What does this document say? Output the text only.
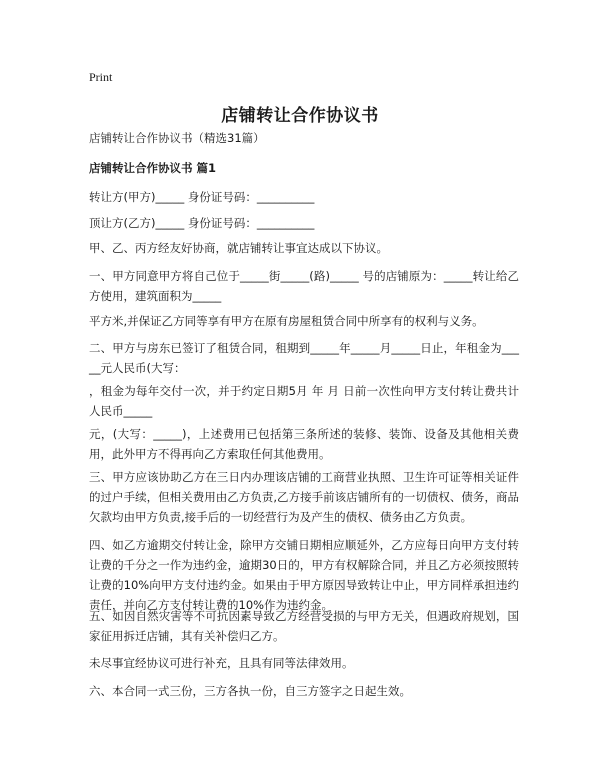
Print
店铺转让合作协议书

店铺转让合作协议书（精选31篇）

店铺转让合作协议书 篇1

转让方(甲方)_____ 身份证号码：__________

顶让方(乙方)_____ 身份证号码：__________

甲、乙、丙方经友好协商，就店铺转让事宜达成以下协议。

一、甲方同意甲方将自己位于_____街_____(路)_____ 号的店铺原为：_____转让给乙方使用，建筑面积为_____

平方米,并保证乙方同等享有甲方在原有房屋租赁合同中所享有的权利与义务。

二、甲方与房东已签订了租赁合同，租期到_____年_____月_____日止，年租金为_____元人民币(大写：

，租金为每年交付一次，并于约定日期5月 年 月 日前一次性向甲方支付转让费共计人民币_____

元，(大写：_____)，上述费用已包括第三条所述的装修、装饰、设备及其他相关费用，此外甲方不得再向乙方索取任何其他费用。

三、甲方应该协助乙方在三日内办理该店铺的工商营业执照、卫生许可证等相关证件的过户手续，但相关费用由乙方负责,乙方接手前该店铺所有的一切债权、债务，商品欠款均由甲方负责,接手后的一切经营行为及产生的债权、债务由乙方负责。

四、如乙方逾期交付转让金，除甲方交铺日期相应顺延外，乙方应每日向甲方支付转让费的千分之一作为违约金，逾期30日的，甲方有权解除合同，并且乙方必须按照转让费的10%向甲方支付违约金。如果由于甲方原因导致转让中止，甲方同样承担违约责任，并向乙方支付转让费的10%作为违约金。

五、如因自然灾害等不可抗因素导致乙方经营受损的与甲方无关，但遇政府规划，国家征用拆迁店铺，其有关补偿归乙方。

未尽事宜经协议可进行补充，且具有同等法律效用。

六、本合同一式三份，三方各执一份，自三方签字之日起生效。
